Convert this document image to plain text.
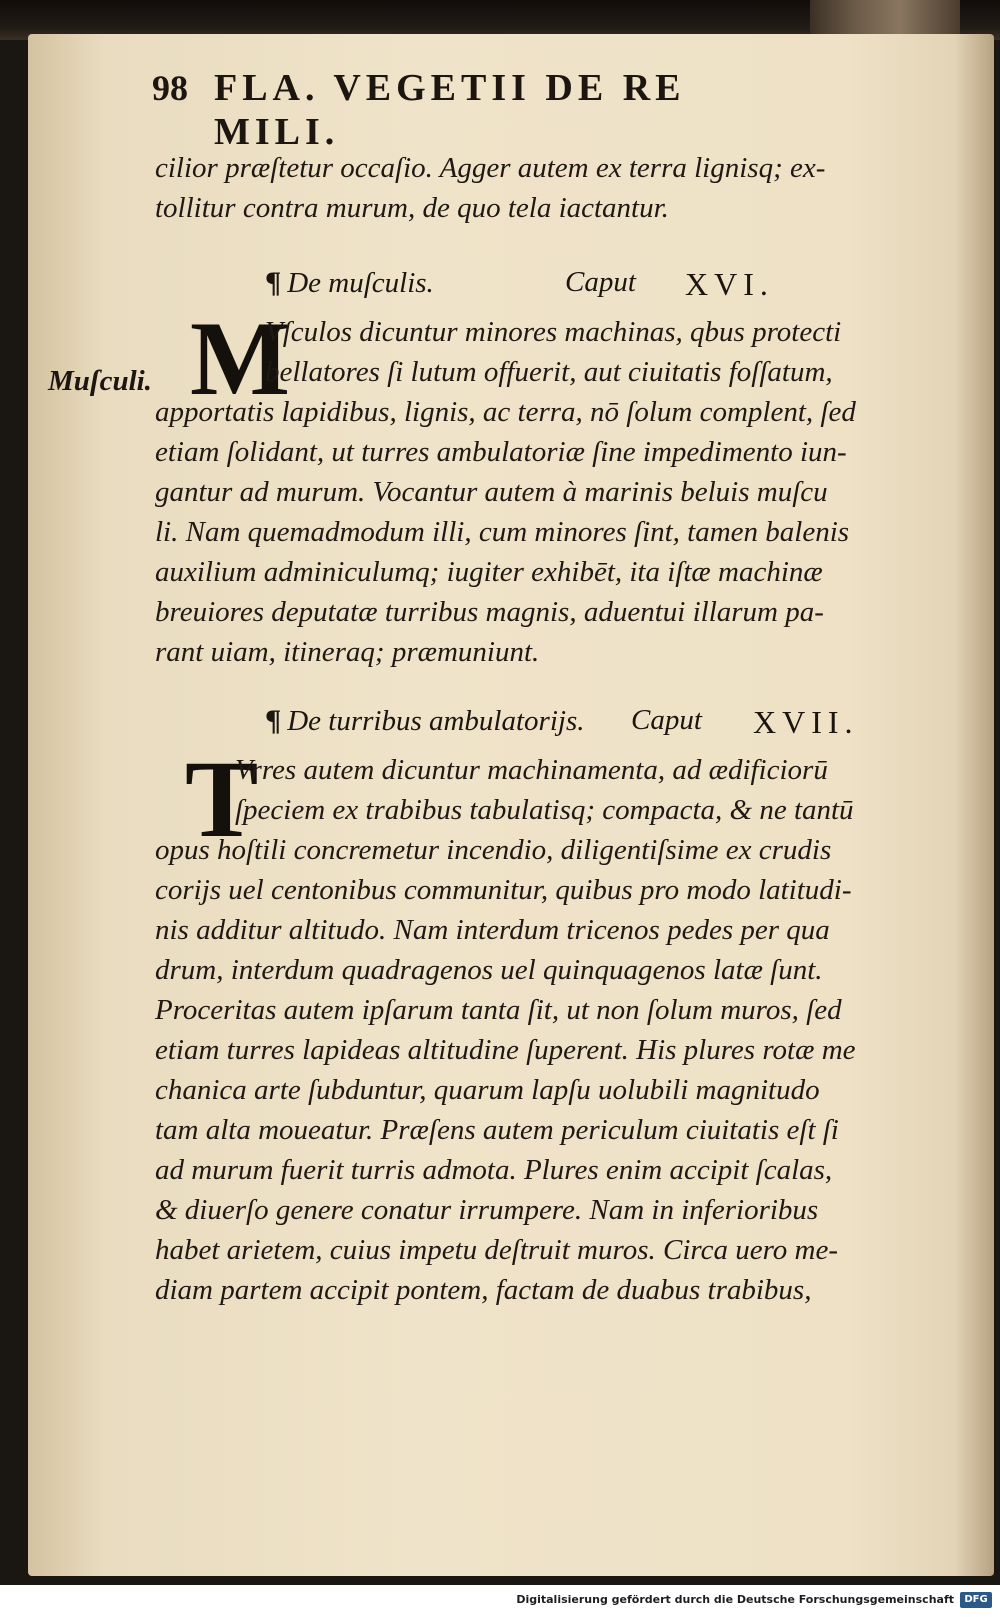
98 FLA. VEGETII DE RE MILI.
cilior præſtetur occaſio. Agger autem ex terra lignisq; ex-
tollitur contra murum, de quo tela iactantur.
¶ De muſculis.	Caput XVI.
Muſculi. M
Vſculos dicuntur minores machinas, qbus protecti
bellatores ſi lutum offuerit, aut ciuitatis foſſatum,
apportatis lapidibus, lignis, ac terra, nō ſolum complent, ſed
etiam ſolidant, ut turres ambulatoriæ ſine impedimento iun-
gantur ad murum. Vocantur autem à marinis beluis muſcu
li. Nam quemadmodum illi, cum minores ſint, tamen balenis
auxilium adminiculumq; iugiter exhibēt, ita iſtæ machinæ
breuiores deputatæ turribus magnis, aduentui illarum pa-
rant uiam, itineraq; præmuniunt.
¶ De turribus ambulatorijs. Caput XVII.
T
Vrres autem dicuntur machinamenta, ad ædificiorū
ſpeciem ex trabibus tabulatisq; compacta, & ne tantū
opus hoſtili concremetur incendio, diligentiſsime ex crudis
corijs uel centonibus communitur, quibus pro modo latitudi-
nis additur altitudo. Nam interdum tricenos pedes per qua
drum, interdum quadragenos uel quinquagenos latæ ſunt.
Proceritas autem ipſarum tanta ſit, ut non ſolum muros, ſed
etiam turres lapideas altitudine ſuperent. His plures rotæ me
chanica arte ſubduntur, quarum lapſu uolubili magnitudo
tam alta moueatur. Præſens autem periculum ciuitatis eſt ſi
ad murum fuerit turris admota. Plures enim accipit ſcalas,
& diuerſo genere conatur irrumpere. Nam in inferioribus
habet arietem, cuius impetu deſtruit muros. Circa uero me-
diam partem accipit pontem, factam de duabus trabibus,
Digitalisierung gefördert durch die Deutsche Forschungsgemeinschaft	DFG
